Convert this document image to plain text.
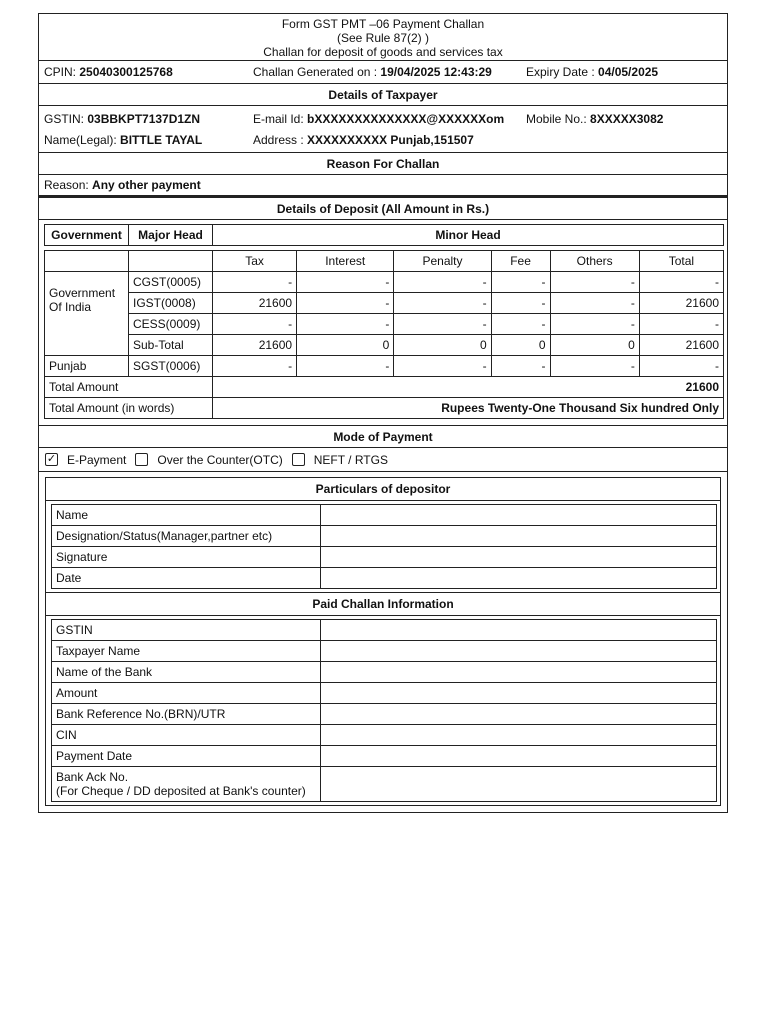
Form GST PMT –06 Payment Challan
(See Rule 87(2) )
Challan for deposit of goods and services tax
CPIN: 25040300125768	Challan Generated on : 19/04/2025 12:43:29	Expiry Date : 04/05/2025
Details of Taxpayer
GSTIN: 03BBKPT7137D1ZN	E-mail Id: bXXXXXXXXXXXXXX@XXXXXXom	Mobile No.: 8XXXXX3082
Name(Legal): BITTLE TAYAL	Address : XXXXXXXXXX Punjab,151507
Reason For Challan
Reason:
Any other payment
Details of Deposit (All Amount in Rs.)
Government	Major Head	Minor Head
		Tax	Interest	Penalty	Fee	Others	Total
Government Of India	CGST(0005)	-	-	-	-	-	-
	IGST(0008)	21600	-	-	-	-	21600
	CESS(0009)	-	-	-	-	-	-
	Sub-Total	21600	0	0	0	0	21600
Punjab	SGST(0006)	-	-	-	-	-	-
Total Amount		21600					
Total Amount (in words)		Rupees Twenty-One Thousand Six hundred Only					
Mode of Payment
✓ E-Payment	Over the Counter(OTC)	NEFT / RTGS
Particulars of depositor
Name	
Designation/Status(Manager,partner etc)	
Signature	
Date	
Paid Challan Information
GSTIN	
Taxpayer Name	
Name of the Bank	
Amount	
Bank Reference No.(BRN)/UTR	
CIN	
Payment Date	

Bank Ack No.
(For Cheque / DD deposited at Bank's counter)	
